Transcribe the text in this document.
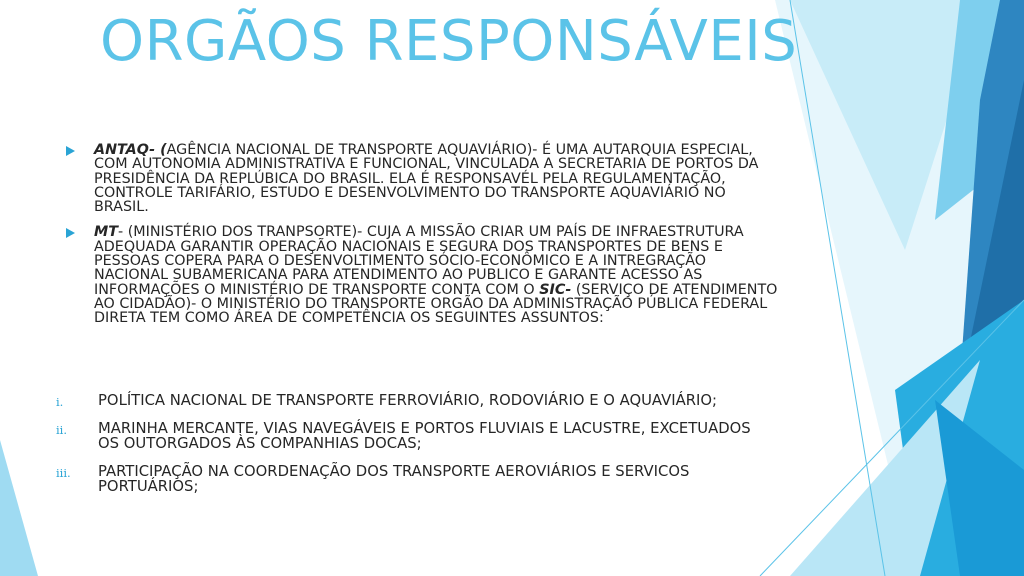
ORGÃOS RESPONSÁVEIS
ANTAQ- (AGÊNCIA NACIONAL DE TRANSPORTE AQUAVIÁRIO)- É UMA AUTARQUIA ESPECIAL, COM AUTONOMIA ADMINISTRATIVA E FUNCIONAL, VINCULADA A SECRETARIA DE PORTOS DA PRESIDÊNCIA DA REPLÚBICA DO BRASIL. ELA É RESPONSAVÉL PELA REGULAMENTAÇÃO, CONTROLE TARIFÁRIO, ESTUDO E DESENVOLVIMENTO DO TRANSPORTE AQUAVIÁRIO NO BRASIL.
MT- (MINISTÉRIO DOS TRANPSORTE)- CUJA A MISSÃO CRIAR UM PAÍS DE INFRAESTRUTURA ADEQUADA GARANTIR OPERAÇÃO NACIONAIS E SEGURA DOS TRANSPORTES DE BENS E PESSOAS COPERA PARA O DESENVOLTIMENTO SÓCIO-ECONÔMICO E A INTREGRAÇÃO NACIONAL SUBAMERICANA PARA ATENDIMENTO AO PUBLICO E GARANTE ACESSO AS INFORMAÇÕES O MINISTÉRIO DE TRANSPORTE CONTA COM O SIC- (SERVIÇO DE ATENDIMENTO AO CIDADÃO)- O MINISTÉRIO DO TRANSPORTE ORGÃO DA ADMINISTRAÇÃO PÚBLICA FEDERAL DIRETA TEM COMO ÁREA DE COMPETÊNCIA OS SEGUINTES ASSUNTOS:
i. POLÍTICA NACIONAL DE TRANSPORTE FERROVIÁRIO, RODOVIÁRIO E O AQUAVIÁRIO;
ii. MARINHA MERCANTE, VIAS NAVEGÁVEIS E PORTOS FLUVIAIS E LACUSTRE, EXCETUADOS OS OUTORGADOS ÀS COMPANHIAS DOCAS;
iii. PARTICIPAÇÃO NA COORDENAÇÃO DOS TRANSPORTE AEROVIÁRIOS E SERVICOS PORTUÁRIOS;
